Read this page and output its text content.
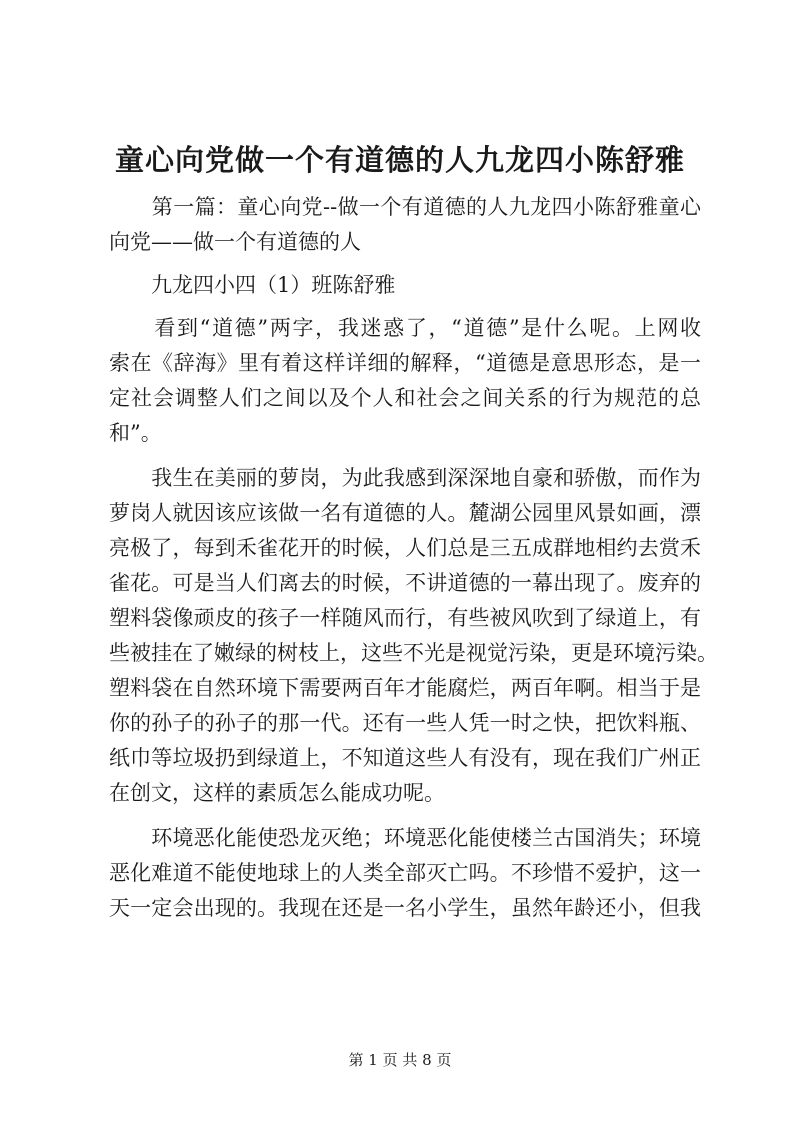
童心向党做一个有道德的人九龙四小陈舒雅
　　第一篇：童心向党--做一个有道德的人九龙四小陈舒雅童心
向党——做一个有道德的人
　　九龙四小四（1）班陈舒雅
　　看到“道德”两字，我迷惑了，“道德”是什么呢。上网收
索在《辞海》里有着这样详细的解释，“道德是意思形态，是一
定社会调整人们之间以及个人和社会之间关系的行为规范的总
和”。
　　我生在美丽的萝岗，为此我感到深深地自豪和骄傲，而作为
萝岗人就因该应该做一名有道德的人。麓湖公园里风景如画，漂
亮极了，每到禾雀花开的时候，人们总是三五成群地相约去赏禾
雀花。可是当人们离去的时候，不讲道德的一幕出现了。废弃的
塑料袋像顽皮的孩子一样随风而行，有些被风吹到了绿道上，有
些被挂在了嫩绿的树枝上，这些不光是视觉污染，更是环境污染。
塑料袋在自然环境下需要两百年才能腐烂，两百年啊。相当于是
你的孙子的孙子的那一代。还有一些人凭一时之快，把饮料瓶、
纸巾等垃圾扔到绿道上，不知道这些人有没有，现在我们广州正
在创文，这样的素质怎么能成功呢。
　　环境恶化能使恐龙灭绝；环境恶化能使楼兰古国消失；环境
恶化难道不能使地球上的人类全部灭亡吗。不珍惜不爱护，这一
天一定会出现的。我现在还是一名小学生，虽然年龄还小，但我
第 1 页 共 8 页
